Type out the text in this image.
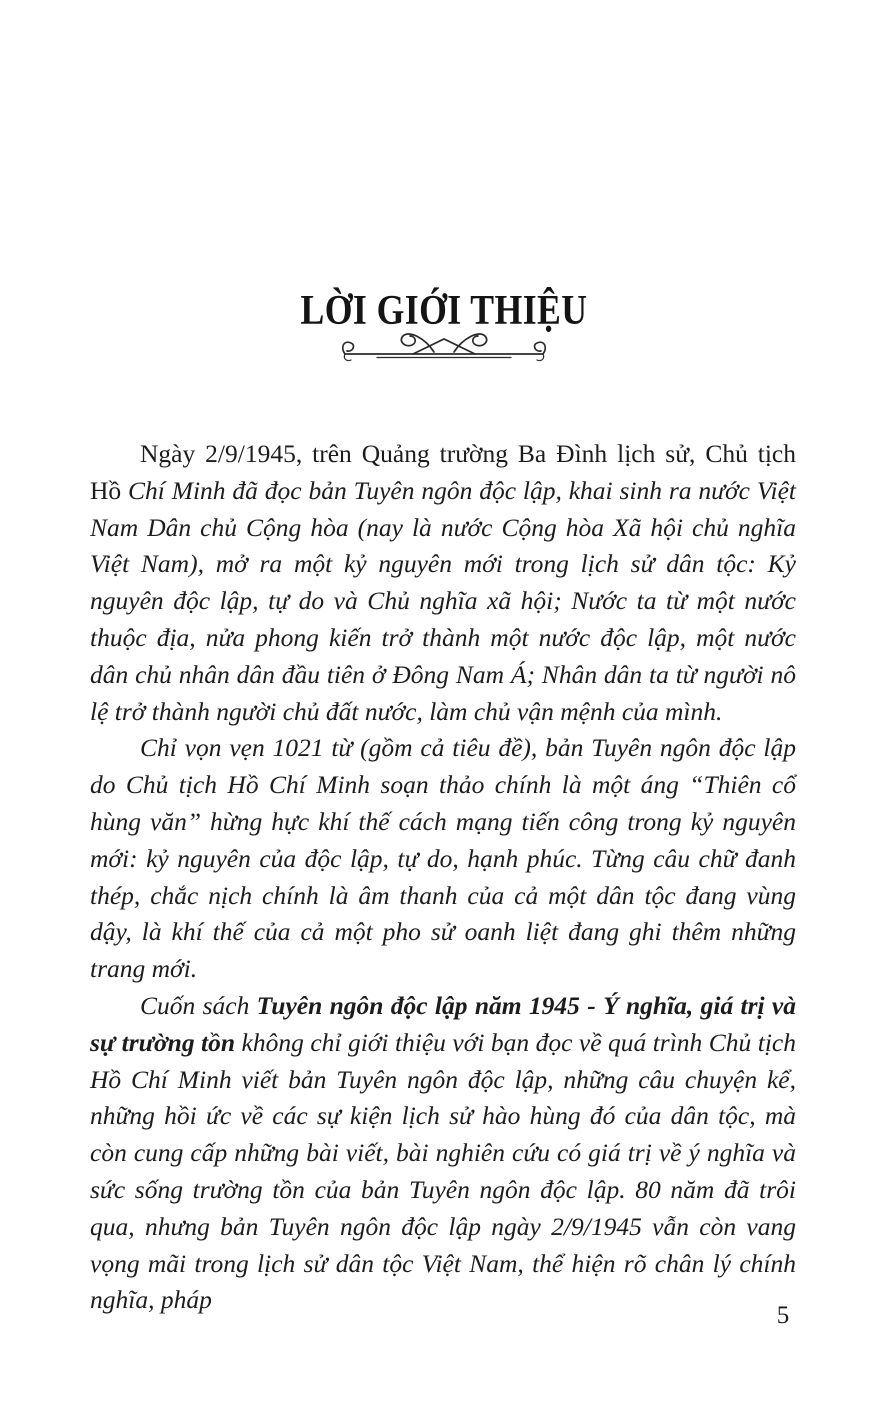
LỜI GIỚI THIỆU

Ngày 2/9/1945, trên Quảng trường Ba Đình lịch sử, Chủ tịch Hồ Chí Minh đã đọc bản Tuyên ngôn độc lập, khai sinh ra nước Việt Nam Dân chủ Cộng hòa (nay là nước Cộng hòa Xã hội chủ nghĩa Việt Nam), mở ra một kỷ nguyên mới trong lịch sử dân tộc: Kỷ nguyên độc lập, tự do và Chủ nghĩa xã hội; Nước ta từ một nước thuộc địa, nửa phong kiến trở thành một nước độc lập, một nước dân chủ nhân dân đầu tiên ở Đông Nam Á; Nhân dân ta từ người nô lệ trở thành người chủ đất nước, làm chủ vận mệnh của mình.

Chỉ vọn vẹn 1021 từ (gồm cả tiêu đề), bản Tuyên ngôn độc lập do Chủ tịch Hồ Chí Minh soạn thảo chính là một áng “Thiên cổ hùng văn” hừng hực khí thế cách mạng tiến công trong kỷ nguyên mới: kỷ nguyên của độc lập, tự do, hạnh phúc. Từng câu chữ đanh thép, chắc nịch chính là âm thanh của cả một dân tộc đang vùng dậy, là khí thế của cả một pho sử oanh liệt đang ghi thêm những trang mới.

Cuốn sách Tuyên ngôn độc lập năm 1945 - Ý nghĩa, giá trị và sự trường tồn không chỉ giới thiệu với bạn đọc về quá trình Chủ tịch Hồ Chí Minh viết bản Tuyên ngôn độc lập, những câu chuyện kể, những hồi ức về các sự kiện lịch sử hào hùng đó của dân tộc, mà còn cung cấp những bài viết, bài nghiên cứu có giá trị về ý nghĩa và sức sống trường tồn của bản Tuyên ngôn độc lập. 80 năm đã trôi qua, nhưng bản Tuyên ngôn độc lập ngày 2/9/1945 vẫn còn vang vọng mãi trong lịch sử dân tộc Việt Nam, thể hiện rõ chân lý chính nghĩa, pháp

5
